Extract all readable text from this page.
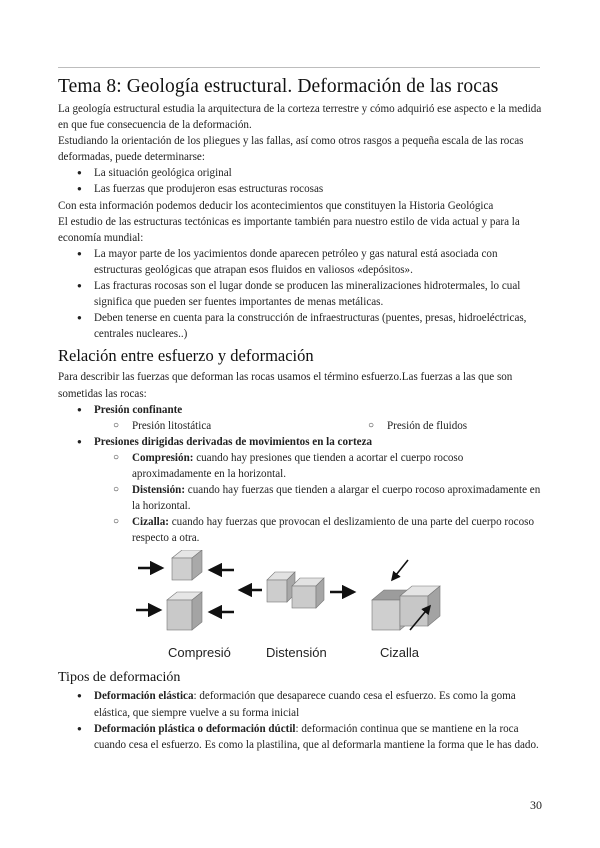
Tema 8: Geología estructural. Deformación de las rocas

La geología estructural estudia la arquitectura de la corteza terrestre y cómo adquirió ese aspecto e la medida en que fue consecuencia de la deformación.

Estudiando la orientación de los pliegues y las fallas, así como otros rasgos a pequeña escala de las rocas deformadas, puede determinarse:

● La situación geológica original
● Las fuerzas que produjeron esas estructuras rocosas

Con esta información podemos deducir los acontecimientos que constituyen la Historia Geológica

El estudio de las estructuras tectónicas es importante también para nuestro estilo de vida actual y para la economía mundial:

● La mayor parte de los yacimientos donde aparecen petróleo y gas natural está asociada con estructuras geológicas que atrapan esos fluidos en valiosos «depósitos».
● Las fracturas rocosas son el lugar donde se producen las mineralizaciones hidrotermales, lo cual significa que pueden ser fuentes importantes de menas metálicas.
● Deben tenerse en cuenta para la construcción de infraestructuras (puentes, presas, hidroeléctricas, centrales nucleares..)
Relación entre esfuerzo y deformación

Para describir las fuerzas que deforman las rocas usamos el término esfuerzo.Las fuerzas a las que son sometidas las rocas:

● Presión confinante
○ Presión litostática
○	Presión de fluidos
● Presiones dirigidas derivadas de movimientos en la corteza
○ Compresión: cuando hay presiones que tienden a acortar el cuerpo rocoso aproximadamente en la horizontal.
○ Distensión: cuando hay fuerzas que tienden a alargar el cuerpo rocoso aproximadamente en la horizontal.
○ Cizalla: cuando hay fuerzas que provocan el deslizamiento de una parte del cuerpo rocoso respecto a otra.
Compresió	Distensión	Cizalla
Tipos de deformación
● Deformación elástica: deformación que desaparece cuando cesa el esfuerzo. Es como la goma elástica, que siempre vuelve a su forma inicial
● Deformación plástica o deformación dúctil: deformación continua que se mantiene en la roca cuando cesa el esfuerzo. Es como la plastilina, que al deformarla mantiene la forma que le has dado.
30
